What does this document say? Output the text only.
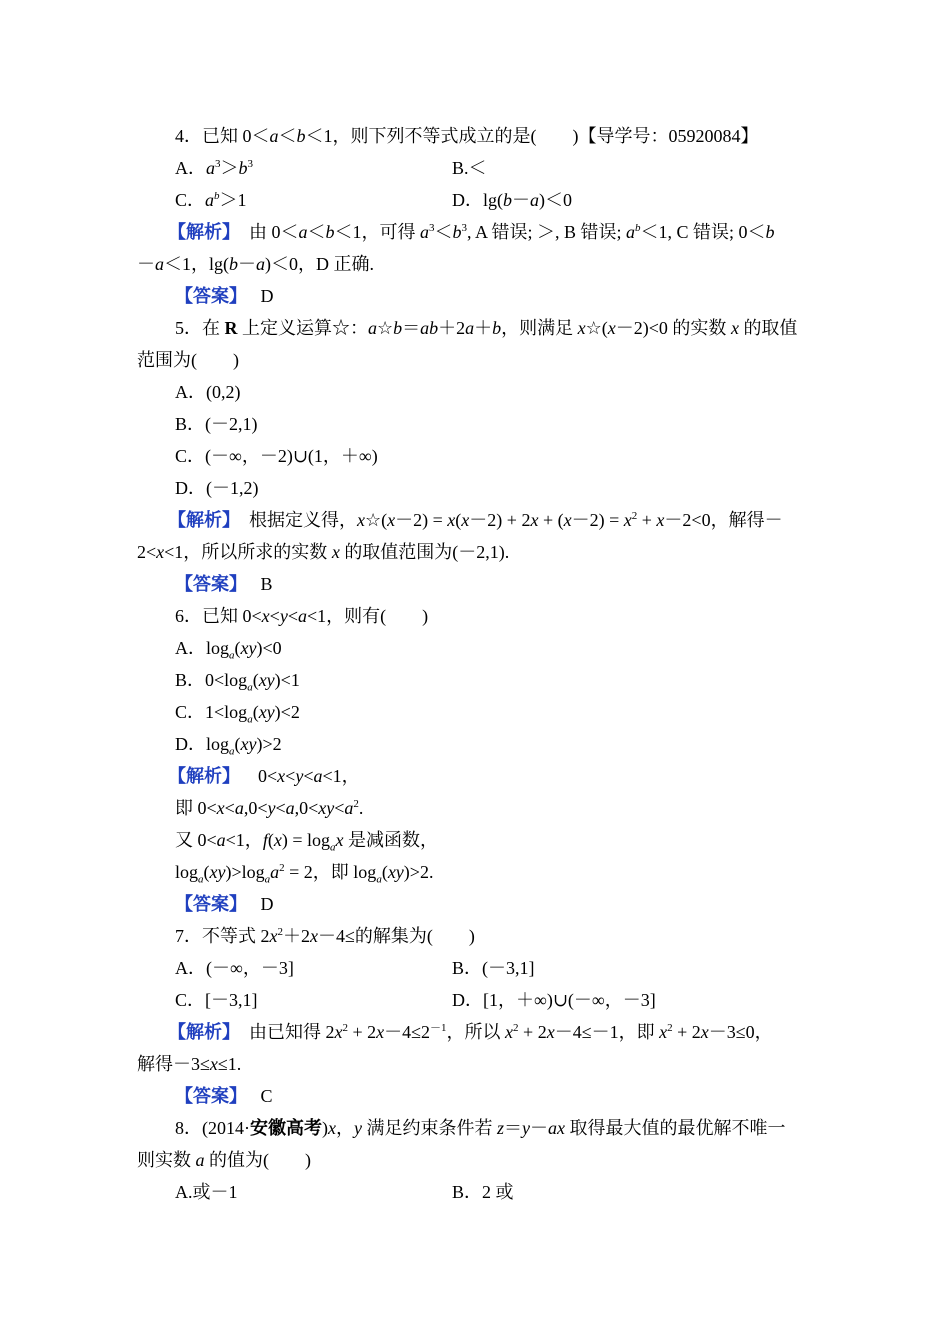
4．已知 0＜a＜b＜1，则下列不等式成立的是(　　)【导学号：05920084】
A．$a^3>b^3$	B.＜
C．$a^b>1$	D．lg(b－a)＜0
【解析】 由 0＜a＜b＜1，可得 $a^3<b^3$, A 错误; ＞, B 错误; $a^b<1$, C 错误; 0＜b
－a＜1，lg(b－a)＜0，D 正确.
【答案】 D
5．在 R 上定义运算☆：a☆b＝ab＋2a＋b，则满足 x☆(x－2)<0 的实数 x 的取值
范围为(　　)
A．(0,2)
B．(－2,1)
C．(－∞，－2)∪(1，＋∞)
D．(－1,2)
【解析】 根据定义得，x☆(x－2) = $x(x-2) + 2x + (x-2) = x^2 + x-2<0$，解得－
2<x<1，所以所求的实数 x 的取值范围为(－2,1).
【答案】 B
6．已知 0<x<y<a<1，则有(　　)
A．$\log_a(xy)<0$
B．$0<\log_a(xy)<1$
C．$1<\log_a(xy)<2$
D．$\log_a(xy)>2$
【解析】 0<x<y<a<1，
即 $0<x<a,0<y<a,0<xy<a^2$.
又 0<a<1，$f(x) = \log_ax$ 是减函数，
$\log_a(xy)>\log_aa^2 = 2$，即 $\log_a(xy)>2$.
【答案】 D
7．不等式 $2x^2+2x-4\le$的解集为(　　)
A．(－∞，－3]	B．(－3,1]
C．[－3,1]	D．[1，＋∞)∪(－∞，－3]
【解析】 由已知得 $2x^2 + 2x-4\le 2^{-1}$，所以 $x^2 + 2x-4\le-1$，即 $x^2 + 2x-3\le 0$，
解得－3≤x≤1.
【答案】 C
8．(2014·安徽高考)x，y 满足约束条件若 z＝y－ax 取得最大值的最优解不唯一
则实数 a 的值为(　　)
A.或－1	B．2 或
